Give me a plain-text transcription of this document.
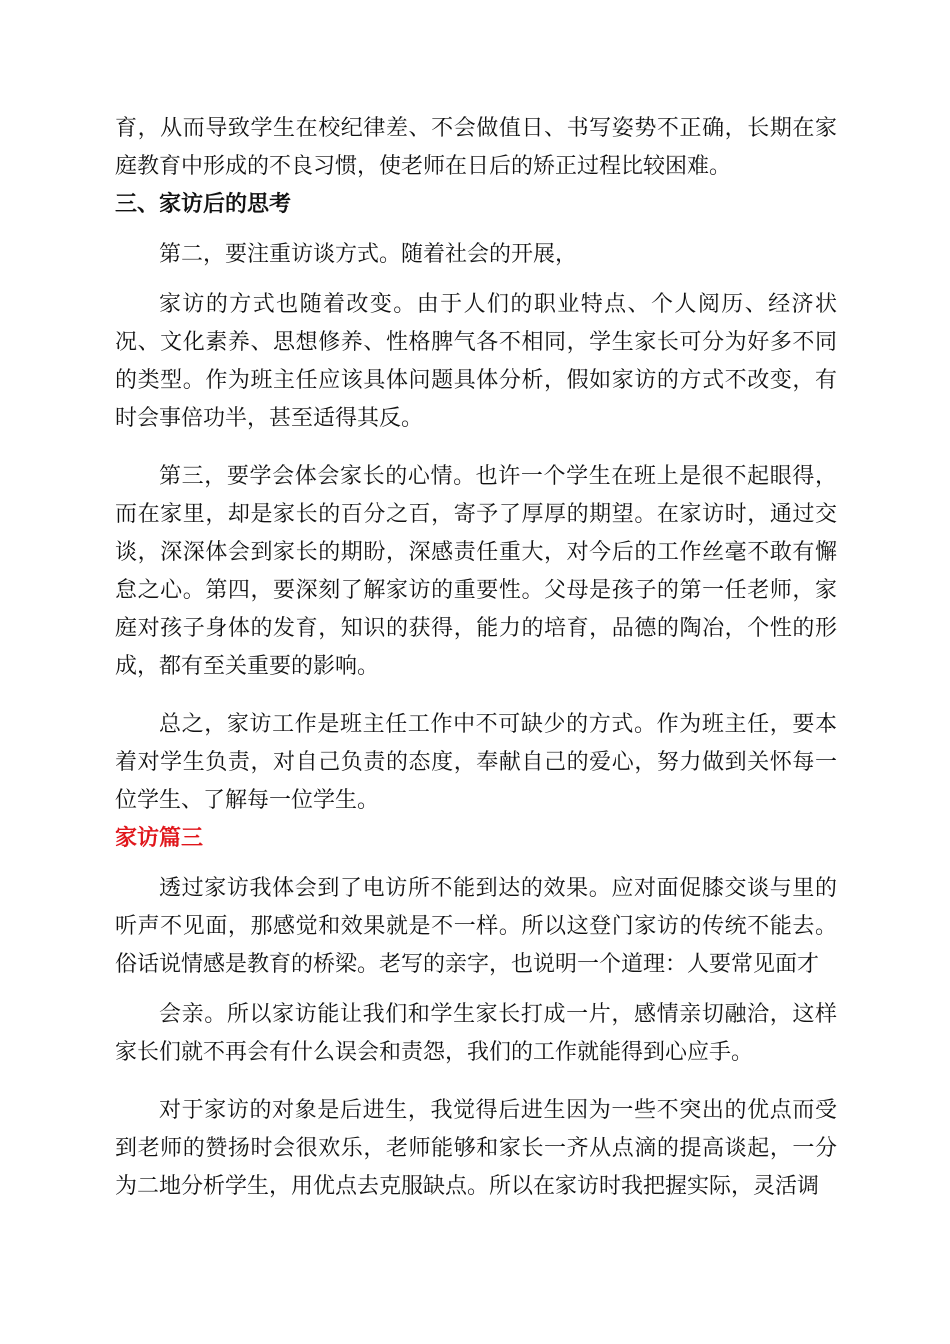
育，从而导致学生在校纪律差、不会做值日、书写姿势不正确，长期在家庭教育中形成的不良习惯，使老师在日后的矫正过程比较困难。

三、家访后的思考

第二，要注重访谈方式。随着社会的开展，

家访的方式也随着改变。由于人们的职业特点、个人阅历、经济状况、文化素养、思想修养、性格脾气各不相同，学生家长可分为好多不同的类型。作为班主任应该具体问题具体分析，假如家访的方式不改变，有时会事倍功半，甚至适得其反。

第三，要学会体会家长的心情。也许一个学生在班上是很不起眼得，而在家里，却是家长的百分之百，寄予了厚厚的期望。在家访时，通过交谈，深深体会到家长的期盼，深感责任重大，对今后的工作丝毫不敢有懈怠之心。第四，要深刻了解家访的重要性。父母是孩子的第一任老师，家庭对孩子身体的发育，知识的获得，能力的培育，品德的陶冶，个性的形成，都有至关重要的影响。

总之，家访工作是班主任工作中不可缺少的方式。作为班主任，要本着对学生负责，对自己负责的态度，奉献自己的爱心，努力做到关怀每一位学生、了解每一位学生。

家访篇三

透过家访我体会到了电访所不能到达的效果。应对面促膝交谈与里的听声不见面，那感觉和效果就是不一样。所以这登门家访的传统不能去。俗话说情感是教育的桥梁。老写的亲字，也说明一个道理：人要常见面才

会亲。所以家访能让我们和学生家长打成一片，感情亲切融洽，这样家长们就不再会有什么误会和责怨，我们的工作就能得到心应手。

对于家访的对象是后进生，我觉得后进生因为一些不突出的优点而受到老师的赞扬时会很欢乐，老师能够和家长一齐从点滴的提高谈起，一分为二地分析学生，用优点去克服缺点。所以在家访时我把握实际，灵活调
